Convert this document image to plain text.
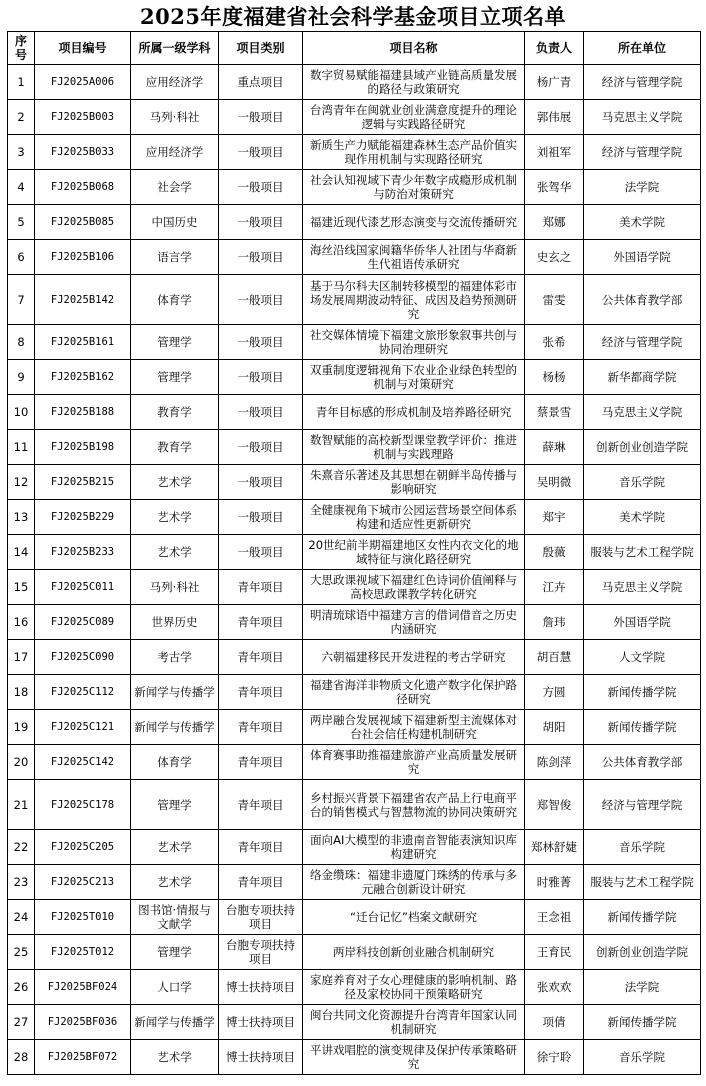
2025年度福建省社会科学基金项目立项名单
序号	项目编号	所属一级学科	项目类别	项目名称	负责人	所在单位
1	FJ2025A006	应用经济学	重点项目	数字贸易赋能福建县域产业链高质量发展的路径与政策研究	杨广青	经济与管理学院
2	FJ2025B003	马列·科社	一般项目	台湾青年在闽就业创业满意度提升的理论逻辑与实践路径研究	郭伟展	马克思主义学院
3	FJ2025B033	应用经济学	一般项目	新质生产力赋能福建森林生态产品价值实现作用机制与实现路径研究	刘祖军	经济与管理学院
4	FJ2025B068	社会学	一般项目	社会认知视域下青少年数字成瘾形成机制与防治对策研究	张驾华	法学院
5	FJ2025B085	中国历史	一般项目	福建近现代漆艺形态演变与交流传播研究	郑娜	美术学院
6	FJ2025B106	语言学	一般项目	海丝沿线国家闽籍华侨华人社团与华裔新生代祖语传承研究	史玄之	外国语学院
7	FJ2025B142	体育学	一般项目	基于马尔科夫区制转移模型的福建体彩市场发展周期波动特征、成因及趋势预测研究	雷雯	公共体育教学部
8	FJ2025B161	管理学	一般项目	社交媒体情境下福建文旅形象叙事共创与协同治理研究	张希	经济与管理学院
9	FJ2025B162	管理学	一般项目	双重制度逻辑视角下农业企业绿色转型的机制与对策研究	杨杨	新华都商学院
10	FJ2025B188	教育学	一般项目	青年目标感的形成机制及培养路径研究	蔡景雪	马克思主义学院
11	FJ2025B198	教育学	一般项目	数智赋能的高校新型课堂教学评价：推进机制与实践理路	薛琳	创新创业创造学院
12	FJ2025B215	艺术学	一般项目	朱熹音乐著述及其思想在朝鲜半岛传播与影响研究	吴明微	音乐学院
13	FJ2025B229	艺术学	一般项目	全健康视角下城市公园运营场景空间体系构建和适应性更新研究	郑宇	美术学院
14	FJ2025B233	艺术学	一般项目	20世纪前半期福建地区女性内衣文化的地域特征与演化路径研究	殷薇	服装与艺术工程学院
15	FJ2025C011	马列·科社	青年项目	大思政课视域下福建红色诗词价值阐释与高校思政课教学转化研究	江卉	马克思主义学院
16	FJ2025C089	世界历史	青年项目	明清琉球语中福建方言的借词借音之历史内涵研究	詹玮	外国语学院
17	FJ2025C090	考古学	青年项目	六朝福建移民开发进程的考古学研究	胡百慧	人文学院
18	FJ2025C112	新闻学与传播学	青年项目	福建省海洋非物质文化遗产数字化保护路径研究	方圆	新闻传播学院
19	FJ2025C121	新闻学与传播学	青年项目	两岸融合发展视域下福建新型主流媒体对台社会信任构建机制研究	胡阳	新闻传播学院
20	FJ2025C142	体育学	青年项目	体育赛事助推福建旅游产业高质量发展研究	陈剑萍	公共体育教学部
21	FJ2025C178	管理学	青年项目	乡村振兴背景下福建省农产品上行电商平台的销售模式与智慧物流的协同决策研究	郑智俊	经济与管理学院
22	FJ2025C205	艺术学	青年项目	面向AI大模型的非遗南音智能表演知识库构建研究	郑林舒婕	音乐学院
23	FJ2025C213	艺术学	青年项目	络金缵珠：福建非遗厦门珠绣的传承与多元融合创新设计研究	时雅菁	服装与艺术工程学院
24	FJ2025T010	图书馆·情报与文献学	台胞专项扶持项目	“迁台记忆”档案文献研究	王念祖	新闻传播学院
25	FJ2025T012	管理学	台胞专项扶持项目	两岸科技创新创业融合机制研究	王育民	创新创业创造学院
26	FJ2025BF024	人口学	博士扶持项目	家庭养育对子女心理健康的影响机制、路径及家校协同干预策略研究	张欢欢	法学院
27	FJ2025BF036	新闻学与传播学	博士扶持项目	闽台共同文化资源提升台湾青年国家认同机制研究	项倩	新闻传播学院
28	FJ2025BF072	艺术学	博士扶持项目	平讲戏唱腔的演变规律及保护传承策略研究	徐宁聆	音乐学院
